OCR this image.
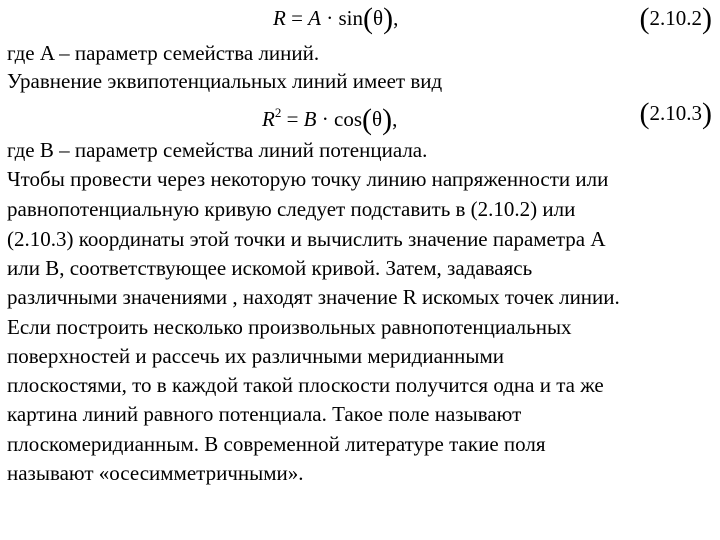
R = A · sin(θ),	(2.10.2)

где A – параметр семейства линий.

Уравнение эквипотенциальных линий имеет вид

$R^2 = B \cdot \cos(\theta)$,	(2.10.3)

где B – параметр семейства линий потенциала.

Чтобы провести через некоторую точку линию напряженности или

равнопотенциальную кривую следует подставить в (2.10.2) или

(2.10.3) координаты этой точки и вычислить значение параметра A

или B, соответствующее искомой кривой. Затем, задаваясь

различными значениями , находят значение R искомых точек линии.

Если построить несколько произвольных равнопотенциальных

поверхностей и рассечь их различными меридианными

плоскостями, то в каждой такой плоскости получится одна и та же

картина линий равного потенциала. Такое поле называют

плоскомеридианным. В современной литературе такие поля

называют «осесимметричными».
